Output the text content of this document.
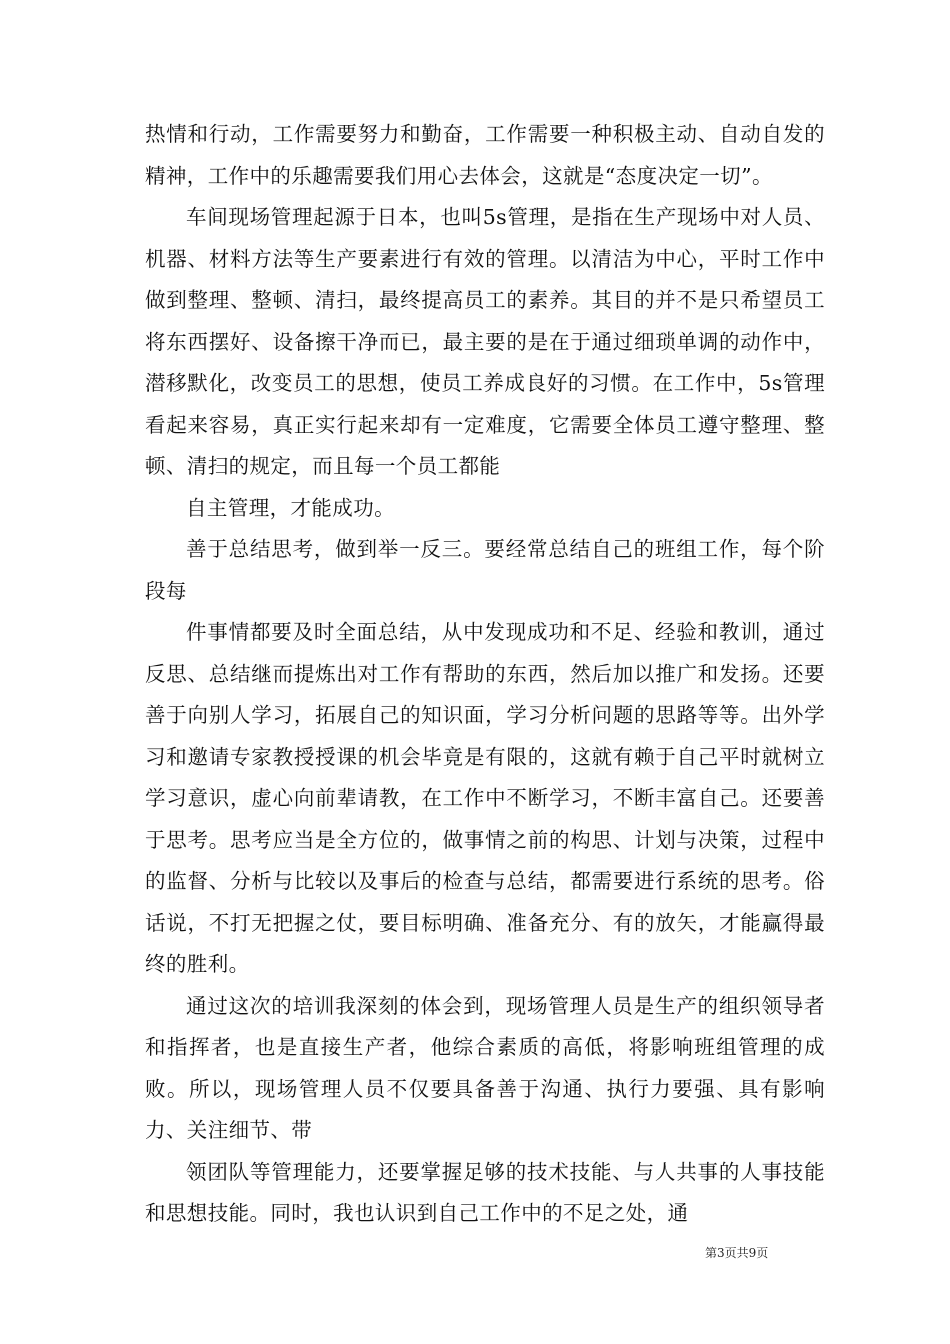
热情和行动，工作需要努力和勤奋，工作需要一种积极主动、自动自发的精神，工作中的乐趣需要我们用心去体会，这就是“态度决定一切”。

车间现场管理起源于日本，也叫5s管理，是指在生产现场中对人员、机器、材料方法等生产要素进行有效的管理。以清洁为中心，平时工作中做到整理、整顿、清扫，最终提高员工的素养。其目的并不是只希望员工将东西摆好、设备擦干净而已，最主要的是在于通过细琐单调的动作中，潜移默化，改变员工的思想，使员工养成良好的习惯。在工作中，5s管理看起来容易，真正实行起来却有一定难度，它需要全体员工遵守整理、整顿、清扫的规定，而且每一个员工都能

自主管理，才能成功。

善于总结思考，做到举一反三。要经常总结自己的班组工作，每个阶段每

件事情都要及时全面总结，从中发现成功和不足、经验和教训，通过反思、总结继而提炼出对工作有帮助的东西，然后加以推广和发扬。还要善于向别人学习，拓展自己的知识面，学习分析问题的思路等等。出外学习和邀请专家教授授课的机会毕竟是有限的，这就有赖于自己平时就树立学习意识，虚心向前辈请教，在工作中不断学习，不断丰富自己。还要善于思考。思考应当是全方位的，做事情之前的构思、计划与决策，过程中的监督、分析与比较以及事后的检查与总结，都需要进行系统的思考。俗话说，不打无把握之仗，要目标明确、准备充分、有的放矢，才能赢得最终的胜利。

通过这次的培训我深刻的体会到，现场管理人员是生产的组织领导者和指挥者，也是直接生产者，他综合素质的高低，将影响班组管理的成败。所以，现场管理人员不仅要具备善于沟通、执行力要强、具有影响力、关注细节、带

领团队等管理能力，还要掌握足够的技术技能、与人共事的人事技能和思想技能。同时，我也认识到自己工作中的不足之处，通

第3页共9页
